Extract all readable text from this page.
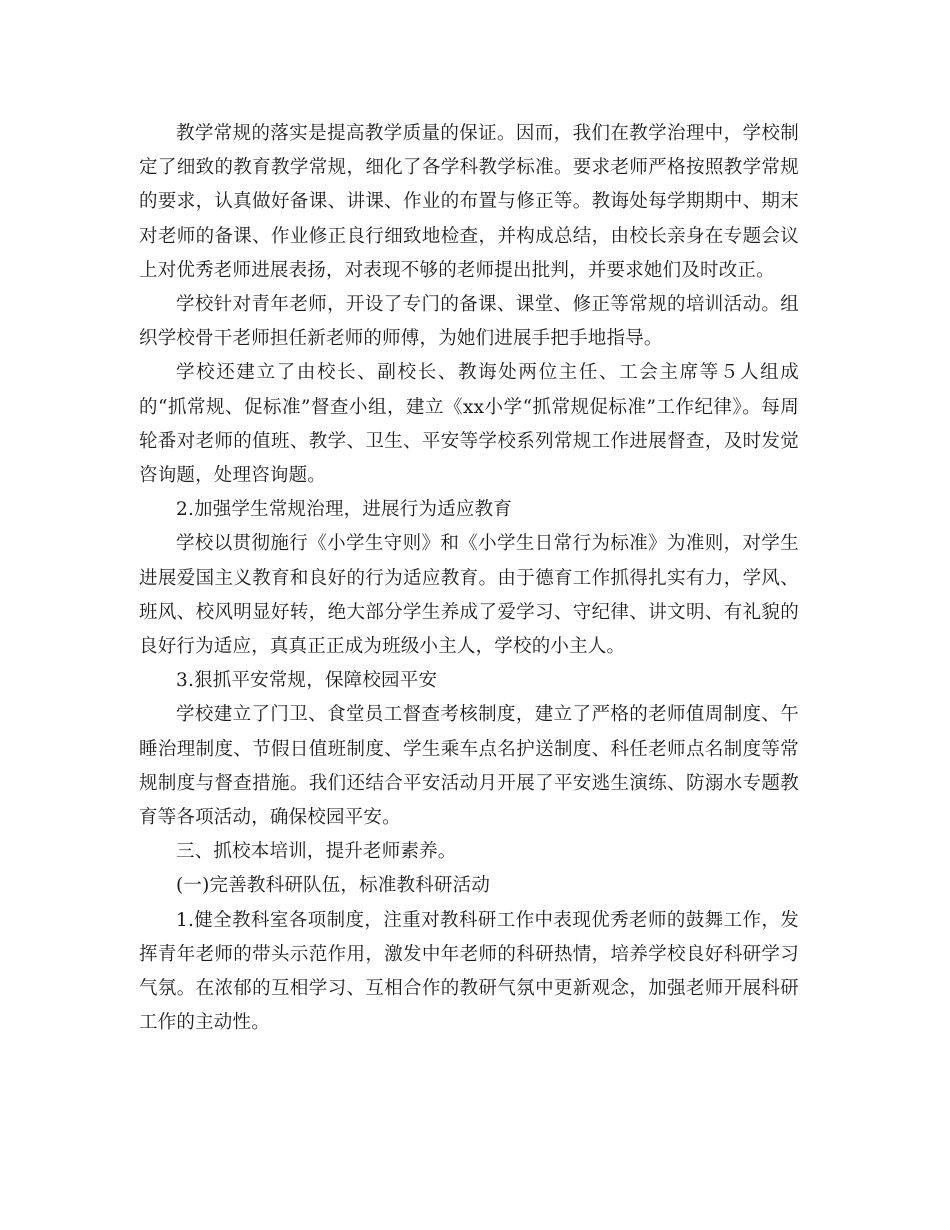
教学常规的落实是提高教学质量的保证。因而，我们在教学治理中，学校制定了细致的教育教学常规，细化了各学科教学标准。要求老师严格按照教学常规的要求，认真做好备课、讲课、作业的布置与修正等。教诲处每学期期中、期末对老师的备课、作业修正良行细致地检查，并构成总结，由校长亲身在专题会议上对优秀老师进展表扬，对表现不够的老师提出批判，并要求她们及时改正。

学校针对青年老师，开设了专门的备课、课堂、修正等常规的培训活动。组织学校骨干老师担任新老师的师傅，为她们进展手把手地指导。

学校还建立了由校长、副校长、教诲处两位主任、工会主席等５人组成的“抓常规、促标准”督查小组，建立《xx小学“抓常规促标准”工作纪律》。每周轮番对老师的值班、教学、卫生、平安等学校系列常规工作进展督查，及时发觉咨询题，处理咨询题。

2.加强学生常规治理，进展行为适应教育

学校以贯彻施行《小学生守则》和《小学生日常行为标准》为准则，对学生进展爱国主义教育和良好的行为适应教育。由于德育工作抓得扎实有力，学风、班风、校风明显好转，绝大部分学生养成了爱学习、守纪律、讲文明、有礼貌的良好行为适应，真真正正成为班级小主人，学校的小主人。

3.狠抓平安常规，保障校园平安

学校建立了门卫、食堂员工督查考核制度，建立了严格的老师值周制度、午睡治理制度、节假日值班制度、学生乘车点名护送制度、科任老师点名制度等常规制度与督查措施。我们还结合平安活动月开展了平安逃生演练、防溺水专题教育等各项活动，确保校园平安。

三、抓校本培训，提升老师素养。

(一)完善教科研队伍，标准教科研活动

1.健全教科室各项制度，注重对教科研工作中表现优秀老师的鼓舞工作，发挥青年老师的带头示范作用，激发中年老师的科研热情，培养学校良好科研学习气氛。在浓郁的互相学习、互相合作的教研气氛中更新观念，加强老师开展科研工作的主动性。
